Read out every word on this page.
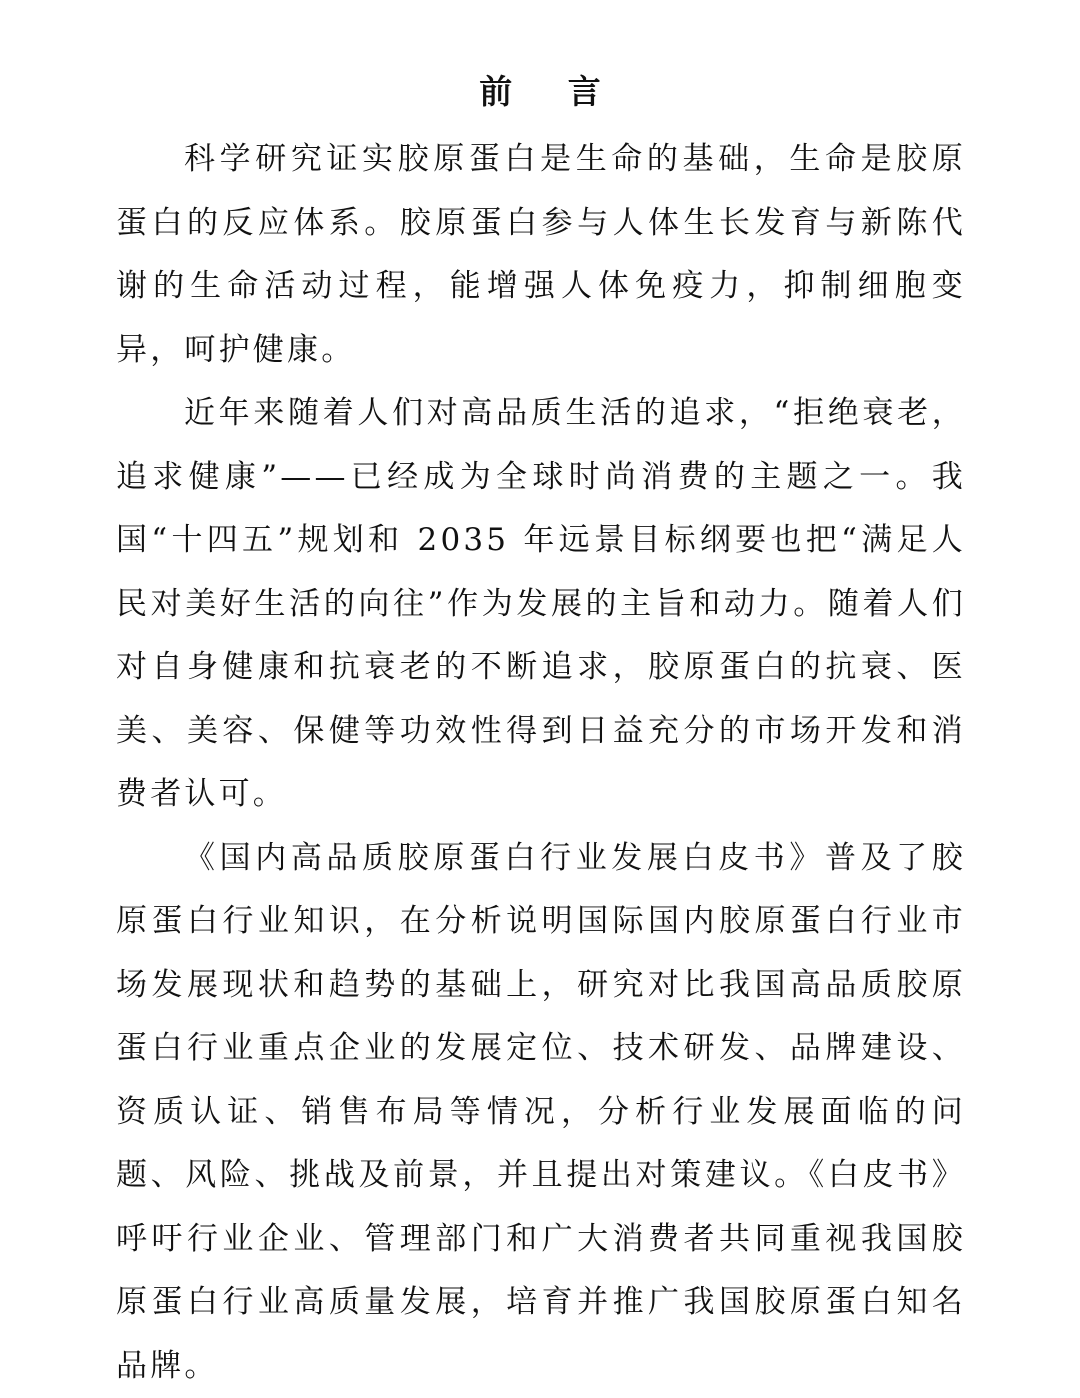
前 言

科学研究证实胶原蛋白是生命的基础，生命是胶原蛋白的反应体系。胶原蛋白参与人体生长发育与新陈代谢的生命活动过程，能增强人体免疫力，抑制细胞变异，呵护健康。

近年来随着人们对高品质生活的追求，“拒绝衰老，追求健康”——已经成为全球时尚消费的主题之一。我国“十四五”规划和 2035 年远景目标纲要也把“满足人民对美好生活的向往”作为发展的主旨和动力。随着人们对自身健康和抗衰老的不断追求，胶原蛋白的抗衰、医美、美容、保健等功效性得到日益充分的市场开发和消费者认可。

《国内高品质胶原蛋白行业发展白皮书》普及了胶原蛋白行业知识，在分析说明国际国内胶原蛋白行业市场发展现状和趋势的基础上，研究对比我国高品质胶原蛋白行业重点企业的发展定位、技术研发、品牌建设、资质认证、销售布局等情况，分析行业发展面临的问题、风险、挑战及前景，并且提出对策建议。《白皮书》呼吁行业企业、管理部门和广大消费者共同重视我国胶原蛋白行业高质量发展，培育并推广我国胶原蛋白知名品牌。
